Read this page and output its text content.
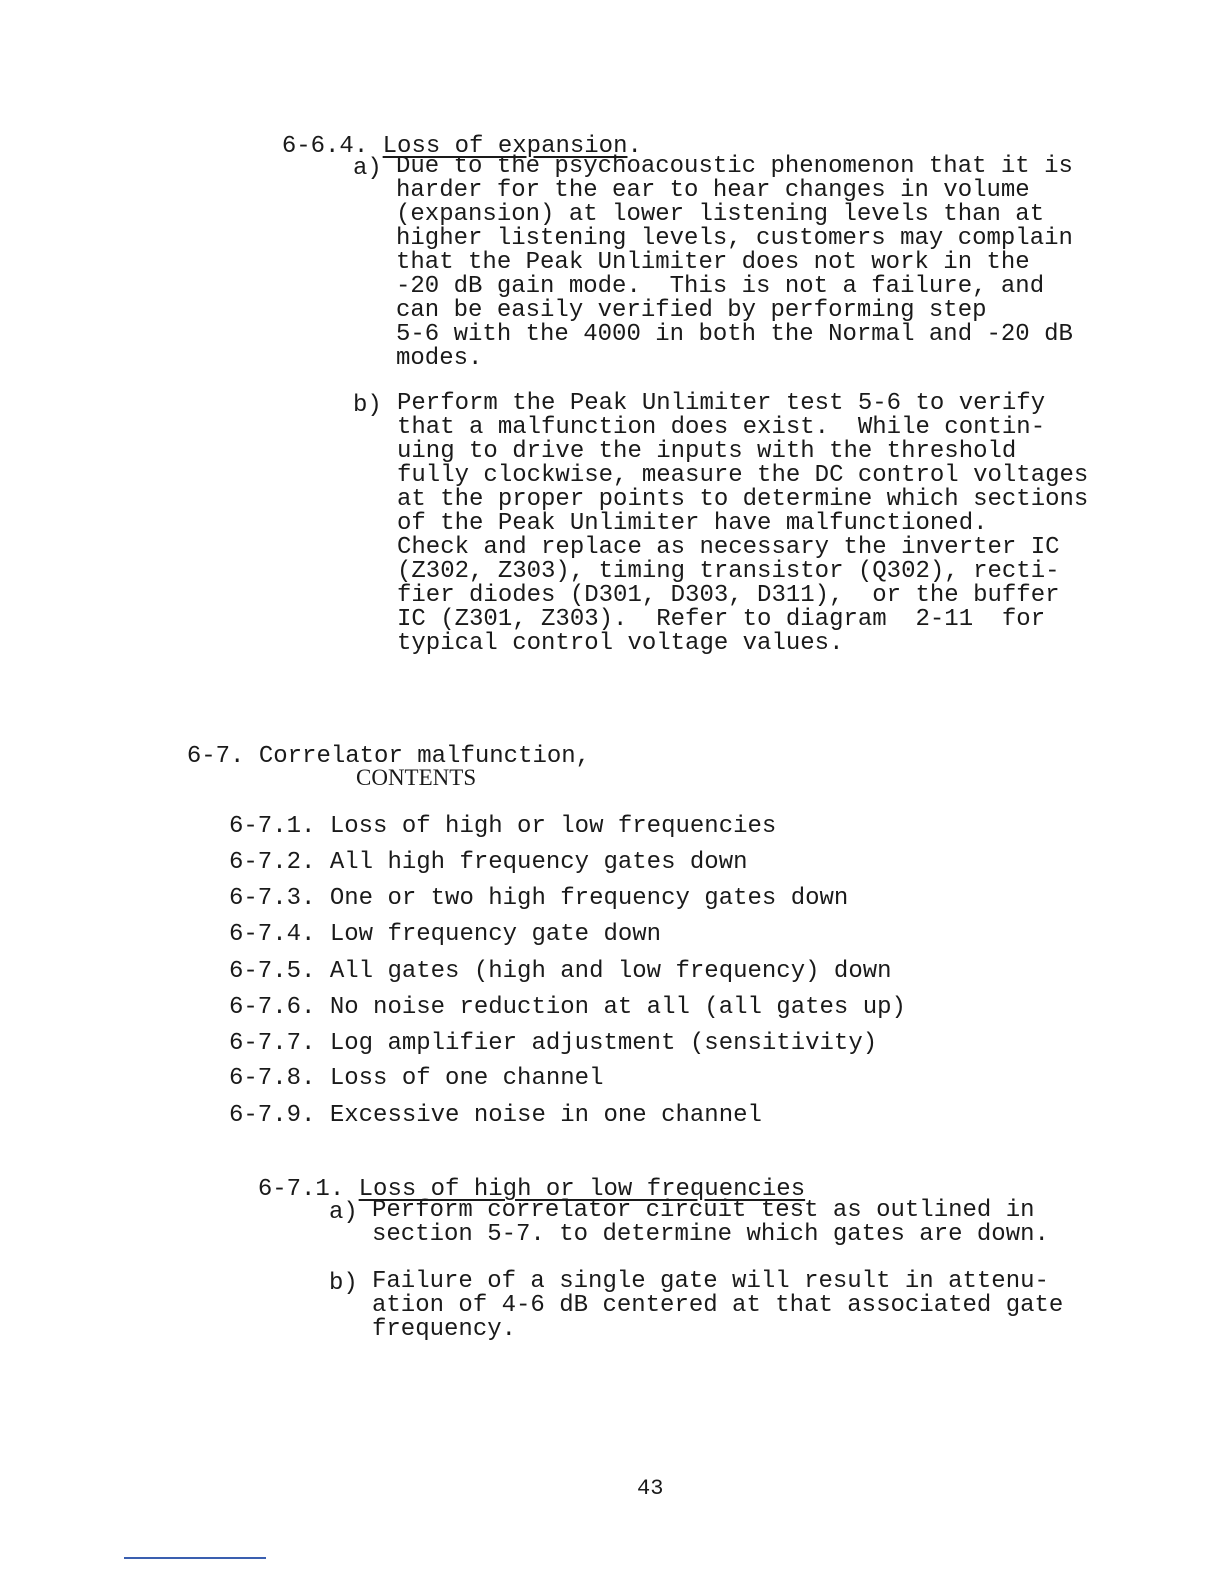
6-6.4. Loss of expansion.

a) Due to the psychoacoustic phenomenon that it is
harder for the ear to hear changes in volume
(expansion) at lower listening levels than at
higher listening levels, customers may complain
that the Peak Unlimiter does not work in the
-20 dB gain mode.  This is not a failure, and
can be easily verified by performing step
5-6 with the 4000 in both the Normal and -20 dB
modes.
b) Perform the Peak Unlimiter test 5-6 to verify
that a malfunction does exist.  While contin-
uing to drive the inputs with the threshold
fully clockwise, measure the DC control voltages
at the proper points to determine which sections
of the Peak Unlimiter have malfunctioned.
Check and replace as necessary the inverter IC
(Z302, Z303), timing transistor (Q302), recti-
fier diodes (D301, D303, D311),  or the buffer
IC (Z301, Z303).  Refer to diagram  2-11  for
typical control voltage values.

6-7. Correlator malfunction,

CONTENTS
6-7.1. Loss of high or low frequencies
6-7.2. All high frequency gates down
6-7.3. One or two high frequency gates down
6-7.4. Low frequency gate down
6-7.5. All gates (high and low frequency) down
6-7.6. No noise reduction at all (all gates up)
6-7.7. Log amplifier adjustment (sensitivity)
6-7.8. Loss of one channel
6-7.9. Excessive noise in one channel

6-7.1. Loss of high or low frequencies

a) Perform correlator circuit test as outlined in
section 5-7. to determine which gates are down.
b) Failure of a single gate will result in attenu-
ation of 4-6 dB centered at that associated gate
frequency.
43
